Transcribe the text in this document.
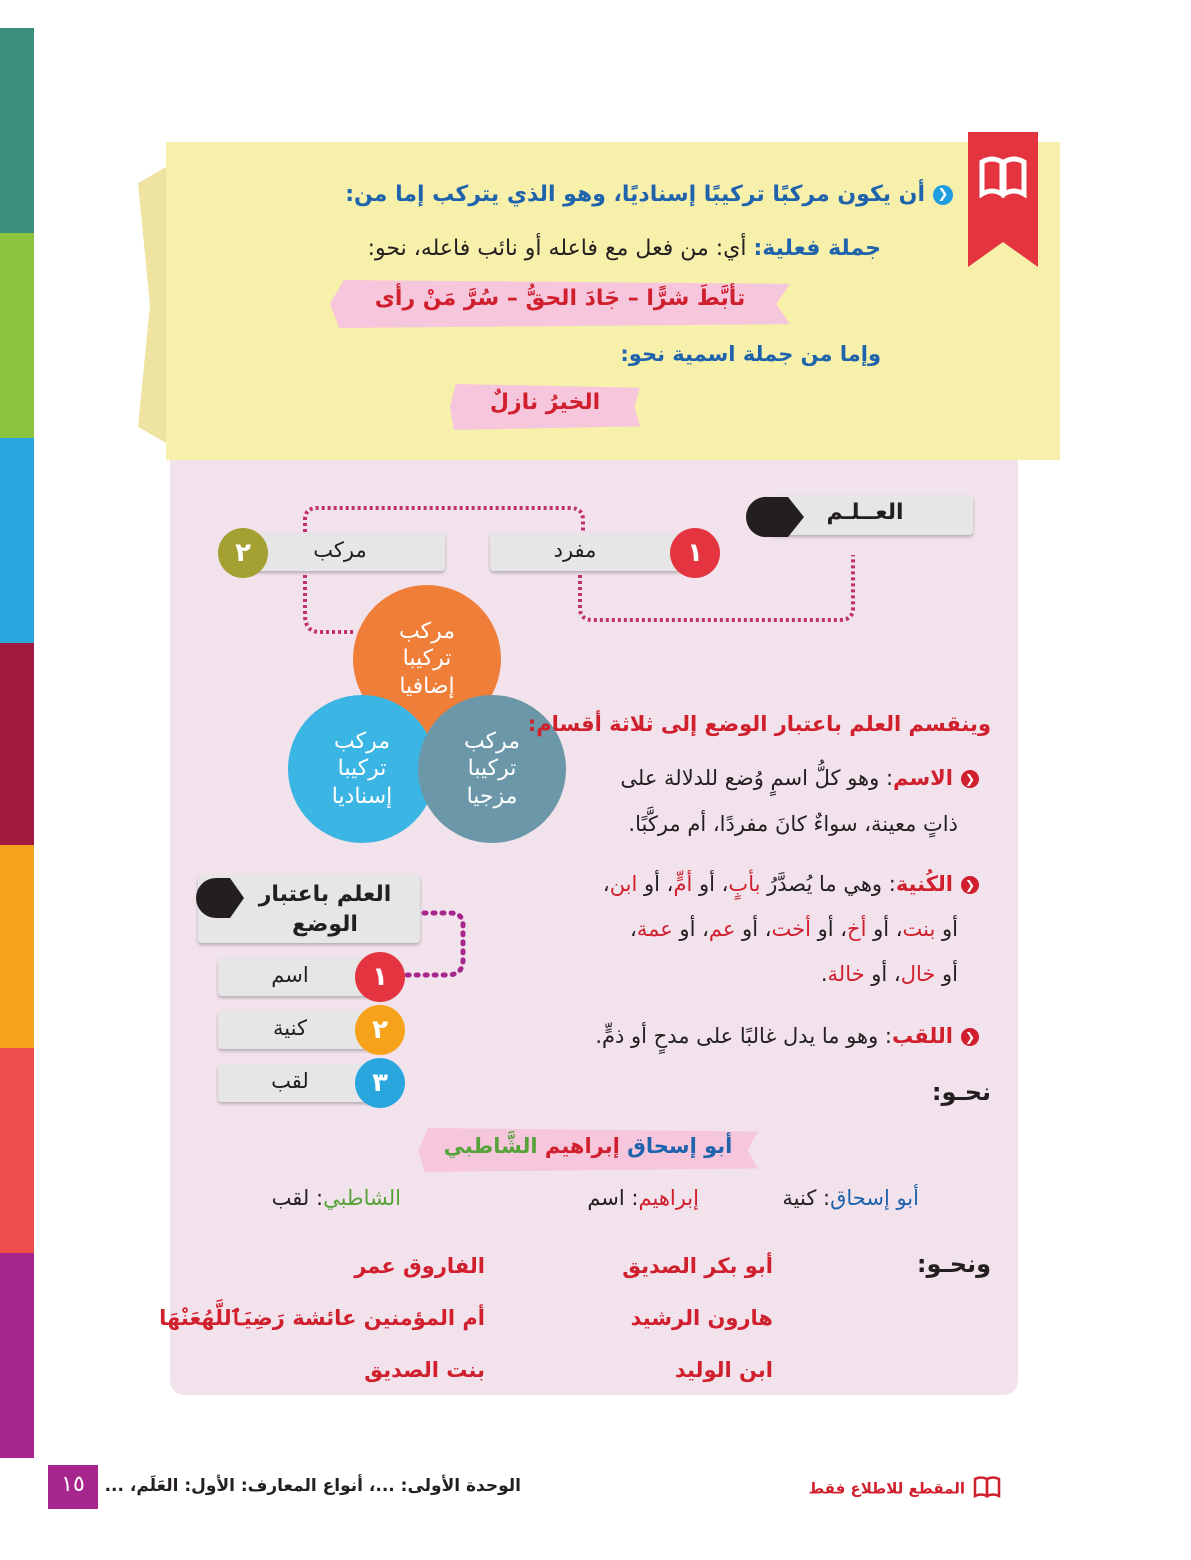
❮أن يكون مركبًا تركيبًا إسناديًا، وهو الذي يتركب إما من:
جملة فعلية: أي: من فعل مع فاعله أو نائب فاعله، نحو:
تأبَّطَ شرًّا – جَادَ الحقُّ – سُرَّ مَنْ رأى
وإما من جملة اسمية نحو:
الخيرُ نازلٌ
العــلـم
مفرد	١
مركب
٢
مركب تركيبا إضافيا
مركب تركيبا إسناديا
مركب تركيبا مزجيا
وينقسم العلم باعتبار الوضع إلى ثلاثة أقسام:
❮الاسم: وهو كلُّ اسمٍ وُضع للدلالة على
ذاتٍ معينة، سواءٌ كانَ مفردًا، أم مركَّبًا.
❮الكُنية: وهي ما يُصدَّرُ بأبٍ، أو أمٍّ، أو ابن،
أو بنت، أو أخ، أو أخت، أو عم، أو عمة،
أو خال، أو خالة.
❮اللقب: وهو ما يدل غالبًا على مدحٍ أو ذمٍّ.
نحـو:
العلم باعتبار الوضع
اسم	١
كنية	٢
لقب	٣
أبو إسحاق إبراهيم الشَّاطبي
أبو إسحاق: كنية
إبراهيم: اسم
الشاطبي: لقب
ونحـو:
أبو بكر الصديق
هارون الرشيد
ابن الوليد
الفاروق عمر
أم المؤمنين عائشة رَضِيَٱللَّهُعَنْهَا
بنت الصديق
١٥	الوحدة الأولى: ...، أنواع المعارف: الأول: العَلَم، ...	المقطع للاطلاع فقط
